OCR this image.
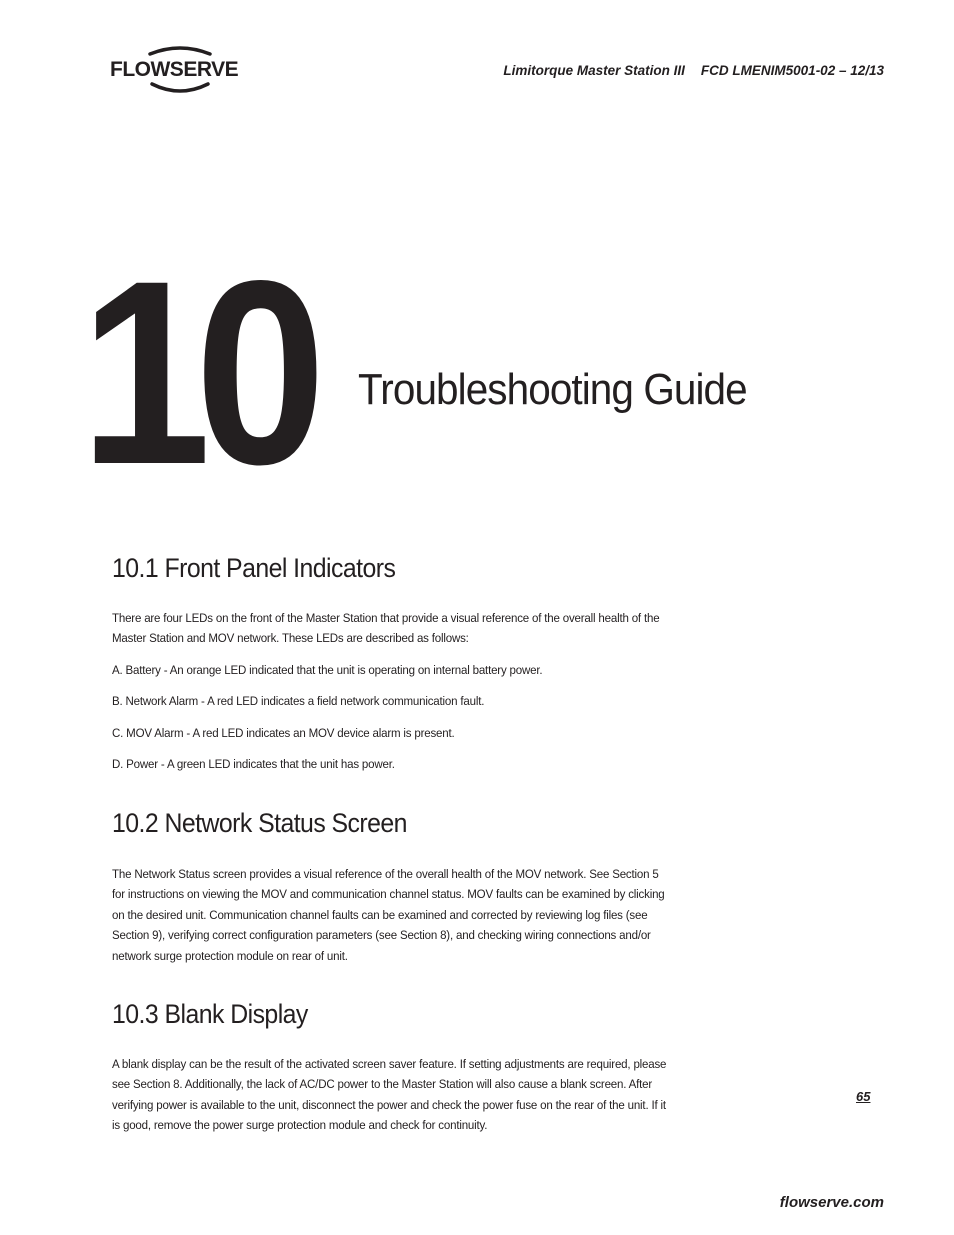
FLOWSERVE	Limitorque Master Station III FCD LMENIM5001-02 – 12/13
10 Troubleshooting Guide
10.1 Front Panel Indicators

There are four LEDs on the front of the Master Station that provide a visual reference of the overall health of the Master Station and MOV network. These LEDs are described as follows:

A. Battery - An orange LED indicated that the unit is operating on internal battery power.

B. Network Alarm - A red LED indicates a field network communication fault.

C. MOV Alarm - A red LED indicates an MOV device alarm is present.

D. Power - A green LED indicates that the unit has power.

10.2 Network Status Screen

The Network Status screen provides a visual reference of the overall health of the MOV network. See Section 5 for instructions on viewing the MOV and communication channel status. MOV faults can be examined by clicking on the desired unit. Communication channel faults can be examined and corrected by reviewing log files (see Section 9), verifying correct configuration parameters (see Section 8), and checking wiring connections and/or network surge protection module on rear of unit.

10.3 Blank Display

A blank display can be the result of the activated screen saver feature. If setting adjustments are required, please see Section 8. Additionally, the lack of AC/DC power to the Master Station will also cause a blank screen. After verifying power is available to the unit, disconnect the power and check the power fuse on the rear of the unit. If it is good, remove the power surge protection module and check for continuity.

65
flowserve.com
